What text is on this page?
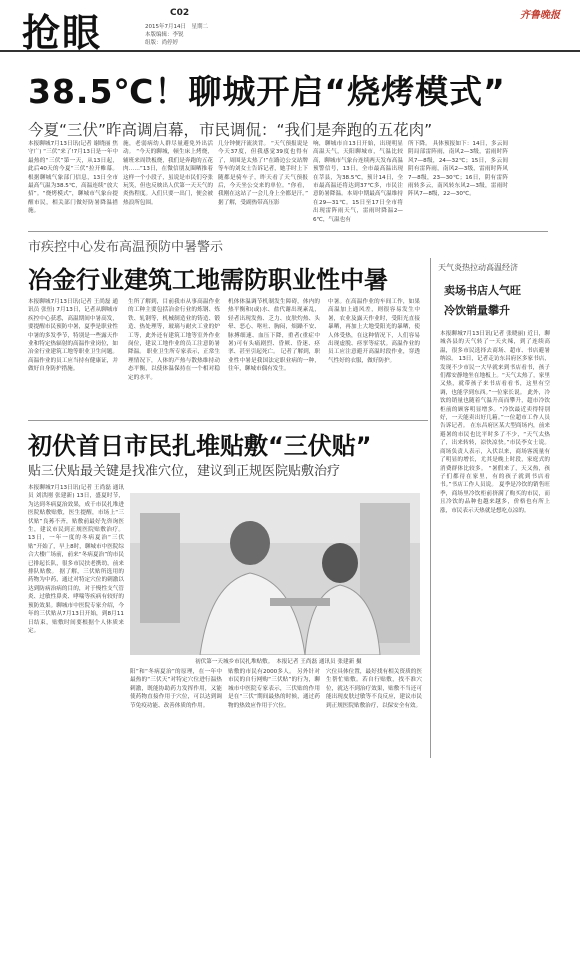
抢眼	C02
2015年7月14日　星期二
本版编辑：李锐
组版：尚停婷
齐鲁晚报
38.5℃！聊城开启“烧烤模式”
今夏“三伏”昨高调启幕，市民调侃：“我们是奔跑的五花肉”
本报聊城7月13日讯(记者 谢晓丽 焦守广) “三伏”来了!7月13日是一年中最热的“三伏”第一天，从13日起，此后40天的今夏“三伏”拉开帷幕。根据聊城气象部门信息，13日全市最高气温为38.5℃，高温连续“放大招”。“烧烤模式”，聊城市气象台提醒市民，相关部门做好防暑降温措施。
施，老弱病幼人群尽量避免外出活动。 “今天的聊城，顿生床上烤烧，辅班来周铁板烧，我们是奔跑的五花肉……”13日，在微信朋友圈晒推着这样一个小段子，虽说是市民们夸张玩笑，但也反映出人伏第一天天气的炎热程度。入们只要一出门，便会被热浪所包围。
几分钟便汗流浃背。 “天气预报说是今天37度，但我感觉39度也得有了，周围是太热了!”在路边公交站牌等车的刘女士告诉记者，她手时上下随都是骑车子，昨天看了天气预报后，今天坐公交来的单位。“你看，我刚在这站了一会儿身上全都是汗。” 据了解，受副热带高压影
响，聊城市自13日开始，出现明显高温天气，天阳聊城市，气温比较高，聊城市气象台连续两天发布高温预警信号，13日，全市最高温出现在莘县，为38.5℃，预计14日，全市最高温还将达到37℃多，市民注意防暑降温。本周中期最高气温维持在29—31℃。15日至17日全市将出现雷阵雨天气，雷雨时降温2—6℃，气温也有
所下降。 具体预报如下：14日，多云间阴局部雷阵雨，南风2—3级，雷雨时阵风7—8级，24—32℃；15日，多云间阴有雷阵雨，南风2—3级，雷雨时阵风7—8级，23—30℃；16日，阴有雷阵雨转多云，南风转东风2—3级，雷雨时阵风7—8级，22—30℃。
市疾控中心发布高温预防中暑警示
冶金行业建筑工地需防职业性中暑
本报聊城7月13日讯(记者 王尚磊 通讯员 张恒) 7月13日，记者从聊城市疾控中心获悉，高温期间中暑高发，要提醒市民预防中暑，夏季是职业性中暑的多发季节，特别是一些露天作业和特定热辐射的高温作业岗位，如冶金行业建筑工地等职业卫生问题。高温作业的员工应当持有健康证，并做好自身防护措施。
生所了解到，目前我市从事高温作业的工种主要包括冶金行业的炼钢、炼铁、轧钢等，机械制造业的铸造、锻造、热处理等，玻璃与耐火工业的炉工等，此外还有建筑工地等室外作业岗位，建议工地作业的员工注意防暑降温。 职业卫生所专家表示，正常生理情况下，人体的产热与散热维持动态平衡，以使体温保持在一个相对稳定的水平。
机体体温调节机制发生障碍，体内的热平衡和(或)水、盐代谢出现紊乱，轻者出现发热、乏力、皮肤灼热、头晕、恶心、呕吐、胸闷，烦躁不安、脉搏细速、血压下降，重者(重症中暑)可有头痛剧烈、昏厥、昏迷、痉挛、甚至引起死亡。 记者了解到，职业性中暑是我国法定职业病的一种，往年，聊城市偶有发生。
中暑。在高温作业的车间工作，如果高温加上通风差，则很容易发生中暑，农业及露天作业时，受阳光直接暴晒，再加上大地受阳光的暴晒，使人体受热，在这种情况下，人们容易出现虚脱、痉挛等症状。高温作业的员工应注意避开高温时段作业，穿透气性好的衣服，做好防护。
天气炎热拉动高温经济
卖场书店人气旺
冷饮销量攀升
本报聊城7月13日讯(记者 张晓丽) 近日，聊城各县的天气转了一天火辣，到了连续高温，很多市民选择去商场、超市、书店避暑纳凉。 13日，记者走访东昌府区多家书店，发现不少市民一大早就来到书店看书，孩子们都安静地坐在地板上。“天气太热了，家里又热，就带孩子来书店看看书，这里有空调，也能学到东西。”一位家长说。 此外，冷饮的销量也随着气温升高而攀升，超市冷饮柜前的顾客明显增多。“冷饮最近卖得特别好，一天能卖出好几箱。”一位超市工作人员告诉记者。 在东昌府区某大型商场内，前来避暑的市民也比平时多了不少，“天气太热了，出来转转，凉快凉快。”市民李女士说。商场负责人表示，入伏以来，商场客流量有了明显的增长，尤其是晚上时段，家庭式的消费群体比较多。 “暑假来了，天又热，孩子们都待在家里，有的孩子就到书店看书。”书店工作人员说。 夏季是冷饮的销售旺季，商场里冷饮柜前挤满了购买的市民，而且冷饮的品种也越来越多，价格也有所上涨，市民表示天热就是想吃点凉的。
初伏首日市民扎堆贴敷“三伏贴”
贴三伏贴最关键是找准穴位，建议到正规医院贴敷治疗
本报聊城7月13日讯(记者 王尚磊 通讯员 刘洪刚 张建新) 13日，盛夏时节，为达到冬病夏治效果，成千市民扎堆进医院贴敷贴敷，医生提醒，市场上“三伏贴”良莠不齐，贴敷前最好先咨询医生，建议市民到正规医院贴敷治疗。 13日，一年一度的冬病夏治“三伏贴”开始了，早上8时，聊城市中医院综合大楼广场前，前来“冬病夏治”的市民已排起长队，很多市民扶老携幼，前来排队贴敷。 据了解，三伏贴所选用的药物为中药，通过对特定穴位的刺激以达到防病治病的目的，对于慢性支气管炎、过敏性鼻炎、哮喘等疾病有较好的预防效果。聊城市中医院专家介绍，今年的三伏贴从7月13日开始，到8月11日结束，贴敷时间要根据个人体质来定。
初伏第一天城乡市民扎堆贴敷。　本报记者 王尚磊 通讯员 张建新 摄
阳”和“冬病夏治”的原理，在一年中最热的“三伏天”对特定穴位进行温热刺激，既能协助药力发挥作用，又能使药物直接作用于穴位，可以达到调节免疫功能、改善体质的作用。
贴敷的市民有2000多人。 另外针对市民的自行网购“三伏贴”的行为，聊城市中医院专家表示，三伏贴的作用是在“三伏”期间最热的时候，通过药物的热效应作用于穴位。
穴位具体位置，最好找有相关资质的医生帮忙贴敷。若自行贴敷，找不准穴位，就达不到治疗效果，贴敷不当还可能出现皮肤过敏等不良反应，建议市民到正规医院贴敷治疗，以保安全有效。
